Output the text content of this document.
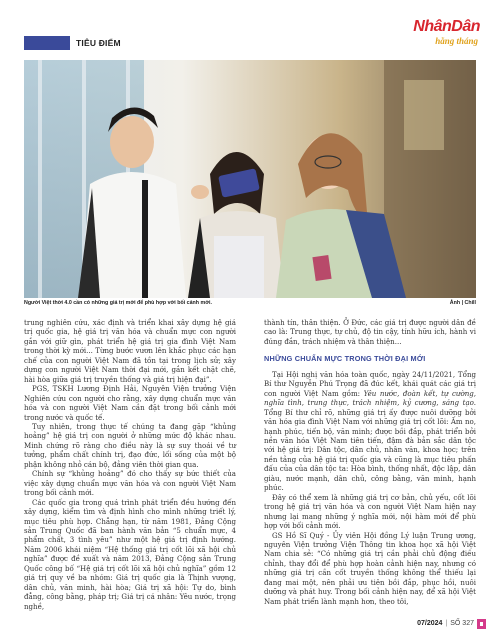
TIÊU ĐIỂM
NhânDân
hằng tháng
Người Việt thời 4.0 cần có những giá trị mới để phù hợp với bối cảnh mới.	Ảnh | Chill

trung nghiên cứu, xác định và triển khai xây dựng hệ giá trị quốc gia, hệ giá trị văn hóa và chuẩn mực con người gắn với giữ gìn, phát triển hệ giá trị gia đình Việt Nam trong thời kỳ mới... Từng bước vươn lên khắc phục các hạn chế của con người Việt Nam đã tồn tại trong lịch sử; xây dựng con người Việt Nam thời đại mới, gắn kết chặt chẽ, hài hòa giữa giá trị truyền thống và giá trị hiện đại”.

PGS, TSKH Lương Định Hải, Nguyên Viện trưởng Viện Nghiên cứu con người cho rằng, xây dựng chuẩn mực văn hóa và con người Việt Nam cần đặt trong bối cảnh mới trong nước và quốc tế.

Tuy nhiên, trong thực tế chúng ta đang gặp “khủng hoảng” hệ giá trị con người ở những mức độ khác nhau. Minh chứng rõ ràng cho điều này là sự suy thoái về tư tưởng, phẩm chất chính trị, đạo đức, lối sống của một bộ phận không nhỏ cán bộ, đảng viên thời gian qua.

Chính sự “khủng hoảng” đó cho thấy sự bức thiết của việc xây dựng chuẩn mực văn hóa và con người Việt Nam trong bối cảnh mới.

Các quốc gia trong quá trình phát triển đều hướng đến xây dựng, kiểm tìm và định hình cho mình những triết lý, mục tiêu phù hợp. Chẳng hạn, từ năm 1981, Đảng Cộng sản Trung Quốc đã ban hành văn bản “5 chuẩn mực, 4 phẩm chất, 3 tình yêu” như một hệ giá trị định hướng. Năm 2006 khái niệm “Hệ thống giá trị cốt lõi xã hội chủ nghĩa” được đề xuất và năm 2013, Đảng Cộng sản Trung Quốc công bố “Hệ giá trị cốt lõi xã hội chủ nghĩa” gồm 12 giá trị quy về ba nhóm: Giá trị quốc gia là Thịnh vượng, dân chủ, văn minh, hài hòa; Giá trị xã hội: Tự do, bình đẳng, công bằng, pháp trị; Giá trị cá nhân: Yêu nước, trọng nghề,

thành tín, thân thiện. Ở Đức, các giá trị được người dân đề cao là: Trung thực, tự chủ, độ tin cậy, tính hữu ích, hành vi đúng đắn, trách nhiệm và thân thiện...

NHỮNG CHUẨN MỰC TRONG THỜI ĐẠI MỚI

Tại Hội nghị văn hóa toàn quốc, ngày 24/11/2021, Tổng Bí thư Nguyễn Phú Trọng đã đúc kết, khái quát các giá trị con người Việt Nam gồm: Yêu nước, đoàn kết, tự cường, nghĩa tình, trung thực, trách nhiệm, kỷ cương, sáng tạo. Tổng Bí thư chỉ rõ, những giá trị ấy được nuôi dưỡng bởi văn hóa gia đình Việt Nam với những giá trị cốt lõi: Ấm no, hạnh phúc, tiến bộ, văn minh; được bồi đắp, phát triển bởi nền văn hóa Việt Nam tiên tiến, đậm đà bản sắc dân tộc với hệ giá trị: Dân tộc, dân chủ, nhân văn, khoa học; trên nền tảng của hệ giá trị quốc gia và cũng là mục tiêu phấn đấu của của dân tộc ta: Hòa bình, thống nhất, độc lập, dân giàu, nước mạnh, dân chủ, công bằng, văn minh, hạnh phúc.

Đây có thể xem là những giá trị cơ bản, chủ yếu, cốt lõi trong hệ giá trị văn hóa và con người Việt Nam hiện nay nhưng lại mang những ý nghĩa mới, nội hàm mới để phù hợp với bối cảnh mới.

GS Hồ Sĩ Quý - Ủy viên Hội đồng Lý luận Trung ương, nguyên Viện trưởng Viện Thông tin khoa học xã hội Việt Nam chia sẻ: “Có những giá trị cần phải chủ động điều chỉnh, thay đổi để phù hợp hoàn cảnh hiện nay, nhưng có những giá trị cần cốt truyền thống không thể thiếu lại đang mai một, nên phải ưu tiên bồi đắp, phục hồi, nuôi dưỡng và phát huy. Trong bối cảnh hiện nay, để xã hội Việt Nam phát triển lành mạnh hơn, theo tôi,

07/2024 | SỐ 327
